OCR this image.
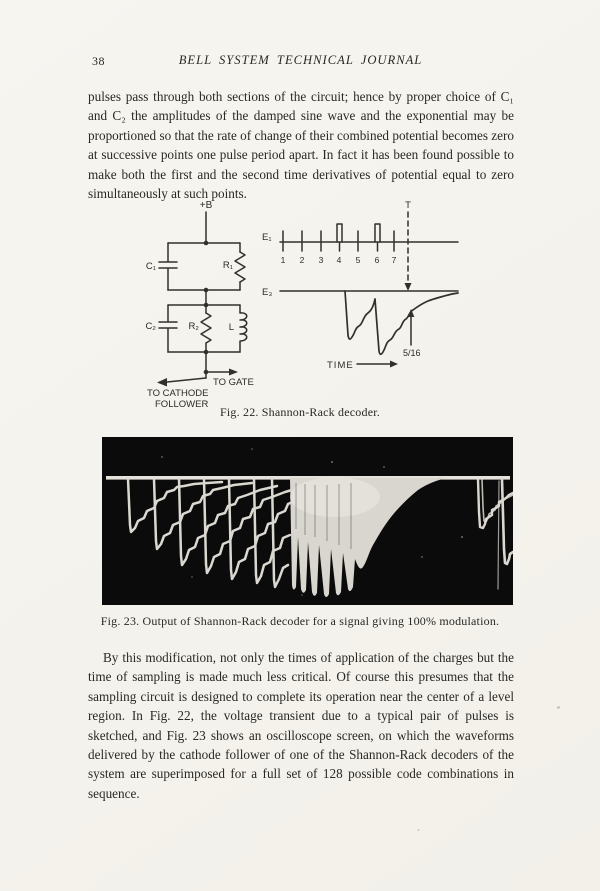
38	BELL SYSTEM TECHNICAL JOURNAL
pulses pass through both sections of the circuit; hence by proper choice of C₁ and C₂ the amplitudes of the damped sine wave and the exponential may be proportioned so that the rate of change of their combined potential becomes zero at successive points one pulse period apart. In fact it has been found possible to make both the first and the second time derivatives of potential equal to zero simultaneously at such points.
+B
C₁	R₁
C₂	R₂	L
TO GATE
TO CATHODE
FOLLOWER
E₁
E₃
T
5/16
TIME
1 2 3 4 5 6 7
Fig. 22. Shannon-Rack decoder.
Fig. 23. Output of Shannon-Rack decoder for a signal giving 100% modulation.
By this modification, not only the times of application of the charges but the time of sampling is made much less critical. Of course this presumes that the sampling circuit is designed to complete its operation near the center of a level region. In Fig. 22, the voltage transient due to a typical pair of pulses is sketched, and Fig. 23 shows an oscilloscope screen, on which the waveforms delivered by the cathode follower of one of the Shannon-Rack decoders of the system are superimposed for a full set of 128 possible code combinations in sequence.
